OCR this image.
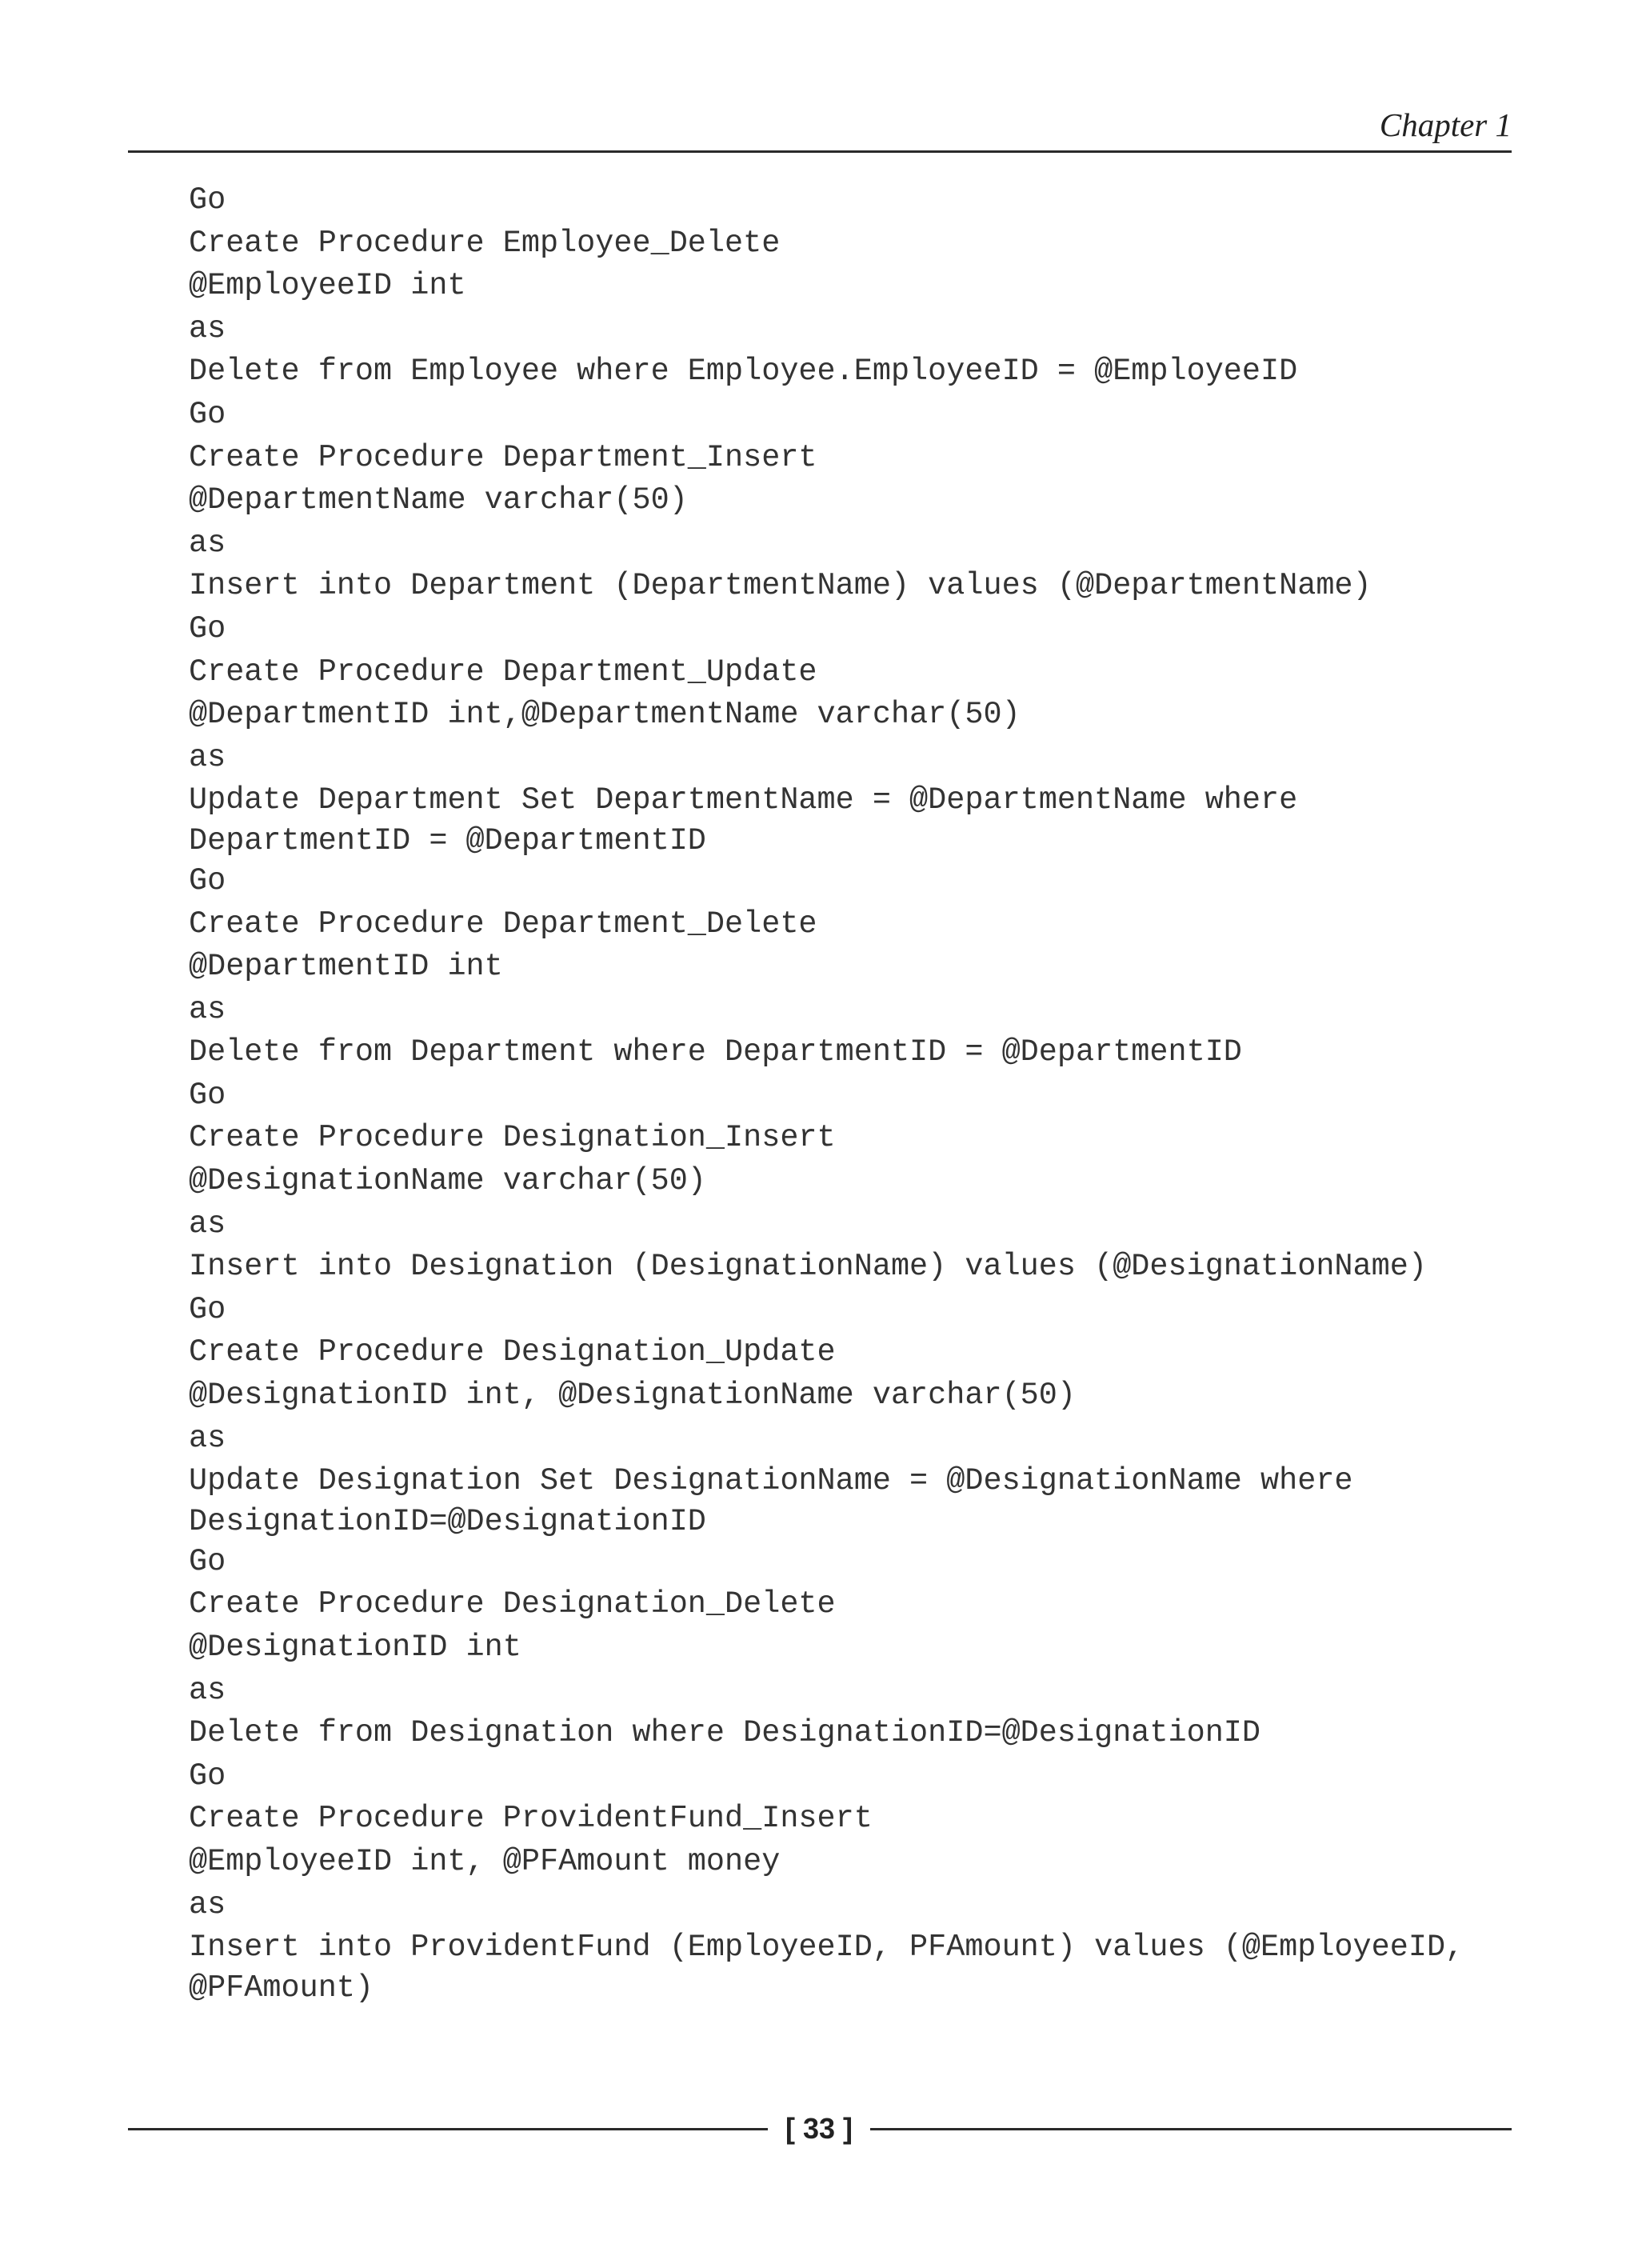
Chapter 1
Go
Create Procedure Employee_Delete
@EmployeeID int
as
Delete from Employee where Employee.EmployeeID = @EmployeeID
Go
Create Procedure Department_Insert
@DepartmentName varchar(50)
as
Insert into Department (DepartmentName) values (@DepartmentName)
Go
Create Procedure Department_Update
@DepartmentID int,@DepartmentName varchar(50)
as
Update Department Set DepartmentName = @DepartmentName where
DepartmentID = @DepartmentID
Go
Create Procedure Department_Delete
@DepartmentID int
as
Delete from Department where DepartmentID = @DepartmentID
Go
Create Procedure Designation_Insert
@DesignationName varchar(50)
as
Insert into Designation (DesignationName) values (@DesignationName)
Go
Create Procedure Designation_Update
@DesignationID int, @DesignationName varchar(50)
as
Update Designation Set DesignationName = @DesignationName where
DesignationID=@DesignationID
Go
Create Procedure Designation_Delete
@DesignationID int
as
Delete from Designation where DesignationID=@DesignationID
Go
Create Procedure ProvidentFund_Insert
@EmployeeID int, @PFAmount money
as
Insert into ProvidentFund (EmployeeID, PFAmount) values (@EmployeeID,
@PFAmount)
[ 33 ]
